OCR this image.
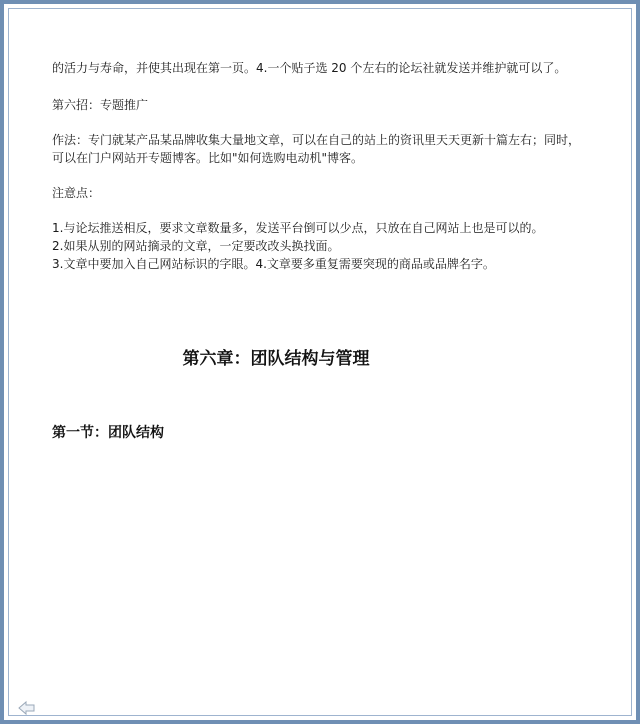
的活力与寿命，并使其出现在第一页。4.一个贴子选 20 个左右的论坛社就发送并维护就可以了。
第六招：专题推广
作法：专门就某产品某品牌收集大量地文章，可以在自己的站上的资讯里天天更新十篇左右；同时，
可以在门户网站开专题博客。比如"如何选购电动机"博客。
注意点：
1.与论坛推送相反，要求文章数量多，发送平台倒可以少点，只放在自己网站上也是可以的。
2.如果从别的网站摘录的文章，一定要改改头换找面。
3.文章中要加入自己网站标识的字眼。4.文章要多重复需要突现的商品或品牌名字。
第六章：团队结构与管理
第一节：团队结构
